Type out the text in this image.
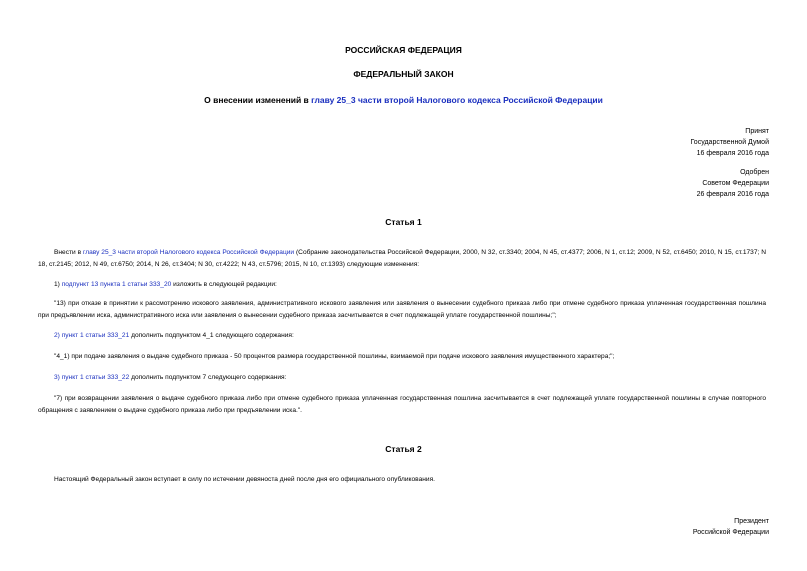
РОССИЙСКАЯ ФЕДЕРАЦИЯ
ФЕДЕРАЛЬНЫЙ ЗАКОН
О внесении изменений в главу 25_3 части второй Налогового кодекса Российской Федерации
Принят
Государственной Думой
16 февраля 2016 года
Одобрен
Советом Федерации
26 февраля 2016 года
Статья 1

Внести в главу 25_3 части второй Налогового кодекса Российской Федерации (Собрание законодательства Российской Федерации, 2000, N 32, ст.3340; 2004, N 45, ст.4377; 2006, N 1, ст.12; 2009, N 52, ст.6450; 2010, N 15, ст.1737; N 18, ст.2145; 2012, N 49, ст.6750; 2014, N 26, ст.3404; N 30, ст.4222; N 43, ст.5796; 2015, N 10, ст.1393) следующие изменения:

1) подпункт 13 пункта 1 статьи 333_20 изложить в следующей редакции:

"13) при отказе в принятии к рассмотрению искового заявления, административного искового заявления или заявления о вынесении судебного приказа либо при отмене судебного приказа уплаченная государственная пошлина при предъявлении иска, административного иска или заявления о вынесении судебного приказа засчитывается в счет подлежащей уплате государственной пошлины;";

2) пункт 1 статьи 333_21 дополнить подпунктом 4_1 следующего содержания:

"4_1) при подаче заявления о выдаче судебного приказа - 50 процентов размера государственной пошлины, взимаемой при подаче искового заявления имущественного характера;";

3) пункт 1 статьи 333_22 дополнить подпунктом 7 следующего содержания:

"7) при возвращении заявления о выдаче судебного приказа либо при отмене судебного приказа уплаченная государственная пошлина засчитывается в счет подлежащей уплате государственной пошлины в случае повторного обращения с заявлением о выдаче судебного приказа либо при предъявлении иска.".

Статья 2

Настоящий Федеральный закон вступает в силу по истечении девяноста дней после дня его официального опубликования.

Президент
Российской Федерации
